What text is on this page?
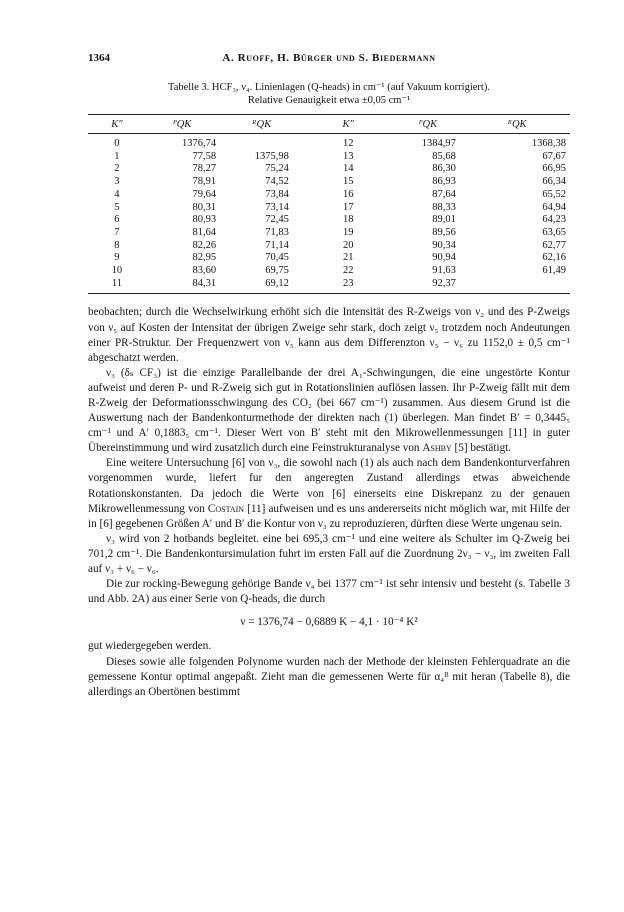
1364	A. Ruoff, H. Bürger und S. Biedermann
Tabelle 3. HCF₃, ν₄. Linienlagen (Q-heads) in cm⁻¹ (auf Vakuum korrigiert).
Relative Genauigkeit etwa ±0,05 cm⁻¹
K″	ᴾQK	ᴿQK	K″	ᴾQK	ᴿQK
0	1376,74		12	1384,97	1368,38
1	77,58	1375,98	13	85,68	67,67
2	78,27	75,24	14	86,30	66,95
3	78,91	74,52	15	86,93	66,34
4	79,64	73,84	16	87,64	65,52
5	80,31	73,14	17	88,33	64,94
6	80,93	72,45	18	89,01	64,23
7	81,64	71,83	19	89,56	63,65
8	82,26	71,14	20	90,34	62,77
9	82,95	70,45	21	90,94	62,16
10	83,60	69,75	22	91,63	61,49
11	84,31	69,12	23	92,37	

beobachten; durch die Wechselwirkung erhöht sich die Intensität des R-Zweigs von ν₂ und des P-Zweigs von ν₅ auf Kosten der Intensitat der übrigen Zweige sehr stark, doch zeigt ν₅ trotzdem noch Andeutungen einer PR-Struktur. Der Frequenzwert von ν₅ kann aus dem Differenzton ν₅ − ν₆ zu 1152,0 ± 0,5 cm⁻¹ abgeschatzt werden.

ν₃ (δₛ CF₃) ist die einzige Parallelbande der drei A₁-Schwingungen, die eine ungestörte Kontur aufweist und deren P- und R-Zweig sich gut in Rotationslinien auflösen lassen. Ihr P-Zweig fällt mit dem R-Zweig der Deformationsschwingung des CO₂ (bei 667 cm⁻¹) zusammen. Aus diesem Grund ist die Auswertung nach der Bandenkonturmethode der direkten nach (1) überlegen. Man findet B′ = 0,3445₅ cm⁻¹ und A′ 0,1883₅ cm⁻¹. Dieser Wert von B′ steht mit den Mikrowellenmessungen [11] in guter Übereinstimmung und wird zusatzlich durch eine Feinstrukturanalyse von Ashby [5] bestätigt.

Eine weitere Untersuchung [6] von ν₃, die sowohl nach (1) als auch nach dem Bandenkonturverfahren vorgenommen wurde, liefert fur den angeregten Zustand allerdings etwas abweichende Rotationskonstanten. Da jedoch die Werte von [6] einerseits eine Diskrepanz zu der genauen Mikrowellenmessung von Costain [11] aufweisen und es uns andererseits nicht möglich war, mit Hilfe der in [6] gegebenen Größen A′ und B′ die Kontur von ν₃ zu reproduzieren, dürften diese Werte ungenau sein.

ν₃ wird von 2 hotbands begleitet. eine bei 695,3 cm⁻¹ und eine weitere als Schulter im Q-Zweig bei 701,2 cm⁻¹. Die Bandenkontursimulation fuhrt im ersten Fall auf die Zuordnung 2ν₃ − ν₃, im zweiten Fall auf ν₃ + ν₆ − ν₆.

Die zur rocking-Bewegung gehörige Bande ν₄ bei 1377 cm⁻¹ ist sehr intensiv und besteht (s. Tabelle 3 und Abb. 2A) aus einer Serie von Q-heads, die durch

ν = 1376,74 − 0,6889 K − 4,1 · 10⁻⁴ K²

gut wiedergegeben werden.

Dieses sowie alle folgenden Polynome wurden nach der Methode der kleinsten Fehlerquadrate an die gemessene Kontur optimal angepaßt. Zieht man die gemessenen Werte für α₄ᴮ mit heran (Tabelle 8), die allerdings an Obertönen bestimmt
